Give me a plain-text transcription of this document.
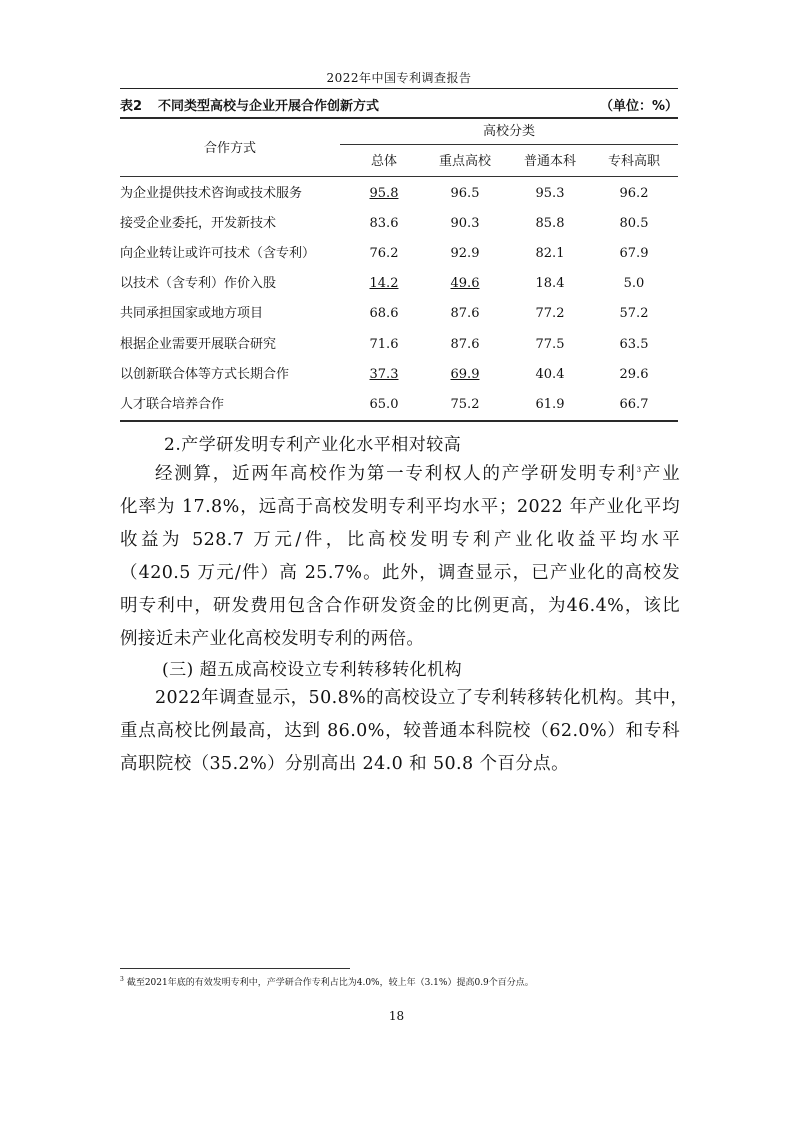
2022年中国专利调查报告
表2 不同类型高校与企业开展合作创新方式	（单位：%）
合作方式
高校分类
总体	重点高校	普通本科	专科高职
为企业提供技术咨询或技术服务	95.8	96.5	95.3	96.2
接受企业委托，开发新技术	83.6	90.3	85.8	80.5
向企业转让或许可技术（含专利）	76.2	92.9	82.1	67.9
以技术（含专利）作价入股	14.2	49.6	18.4	5.0
共同承担国家或地方项目	68.6	87.6	77.2	57.2
根据企业需要开展联合研究	71.6	87.6	77.5	63.5
以创新联合体等方式长期合作	37.3	69.9	40.4	29.6
人才联合培养合作	65.0	75.2	61.9	66.7
2.产学研发明专利产业化水平相对较高
经测算，近两年高校作为第一专利权人的产学研发明专利$^3$产业
化率为 17.8%，远高于高校发明专利平均水平；2022 年产业化平均
收益为 528.7 万元/件，比高校发明专利产业化收益平均水平
（420.5 万元/件）高 25.7%。此外，调查显示，已产业化的高校发
明专利中，研发费用包含合作研发资金的比例更高，为46.4%，该比
例接近未产业化高校发明专利的两倍。
(三) 超五成高校设立专利转移转化机构
2022年调查显示，50.8%的高校设立了专利转移转化机构。其中，
重点高校比例最高，达到 86.0%，较普通本科院校（62.0%）和专科
高职院校（35.2%）分别高出 24.0 和 50.8 个百分点。
$^3$ 截至2021年底的有效发明专利中，产学研合作专利占比为4.0%，较上年（3.1%）提高0.9个百分点。
18
